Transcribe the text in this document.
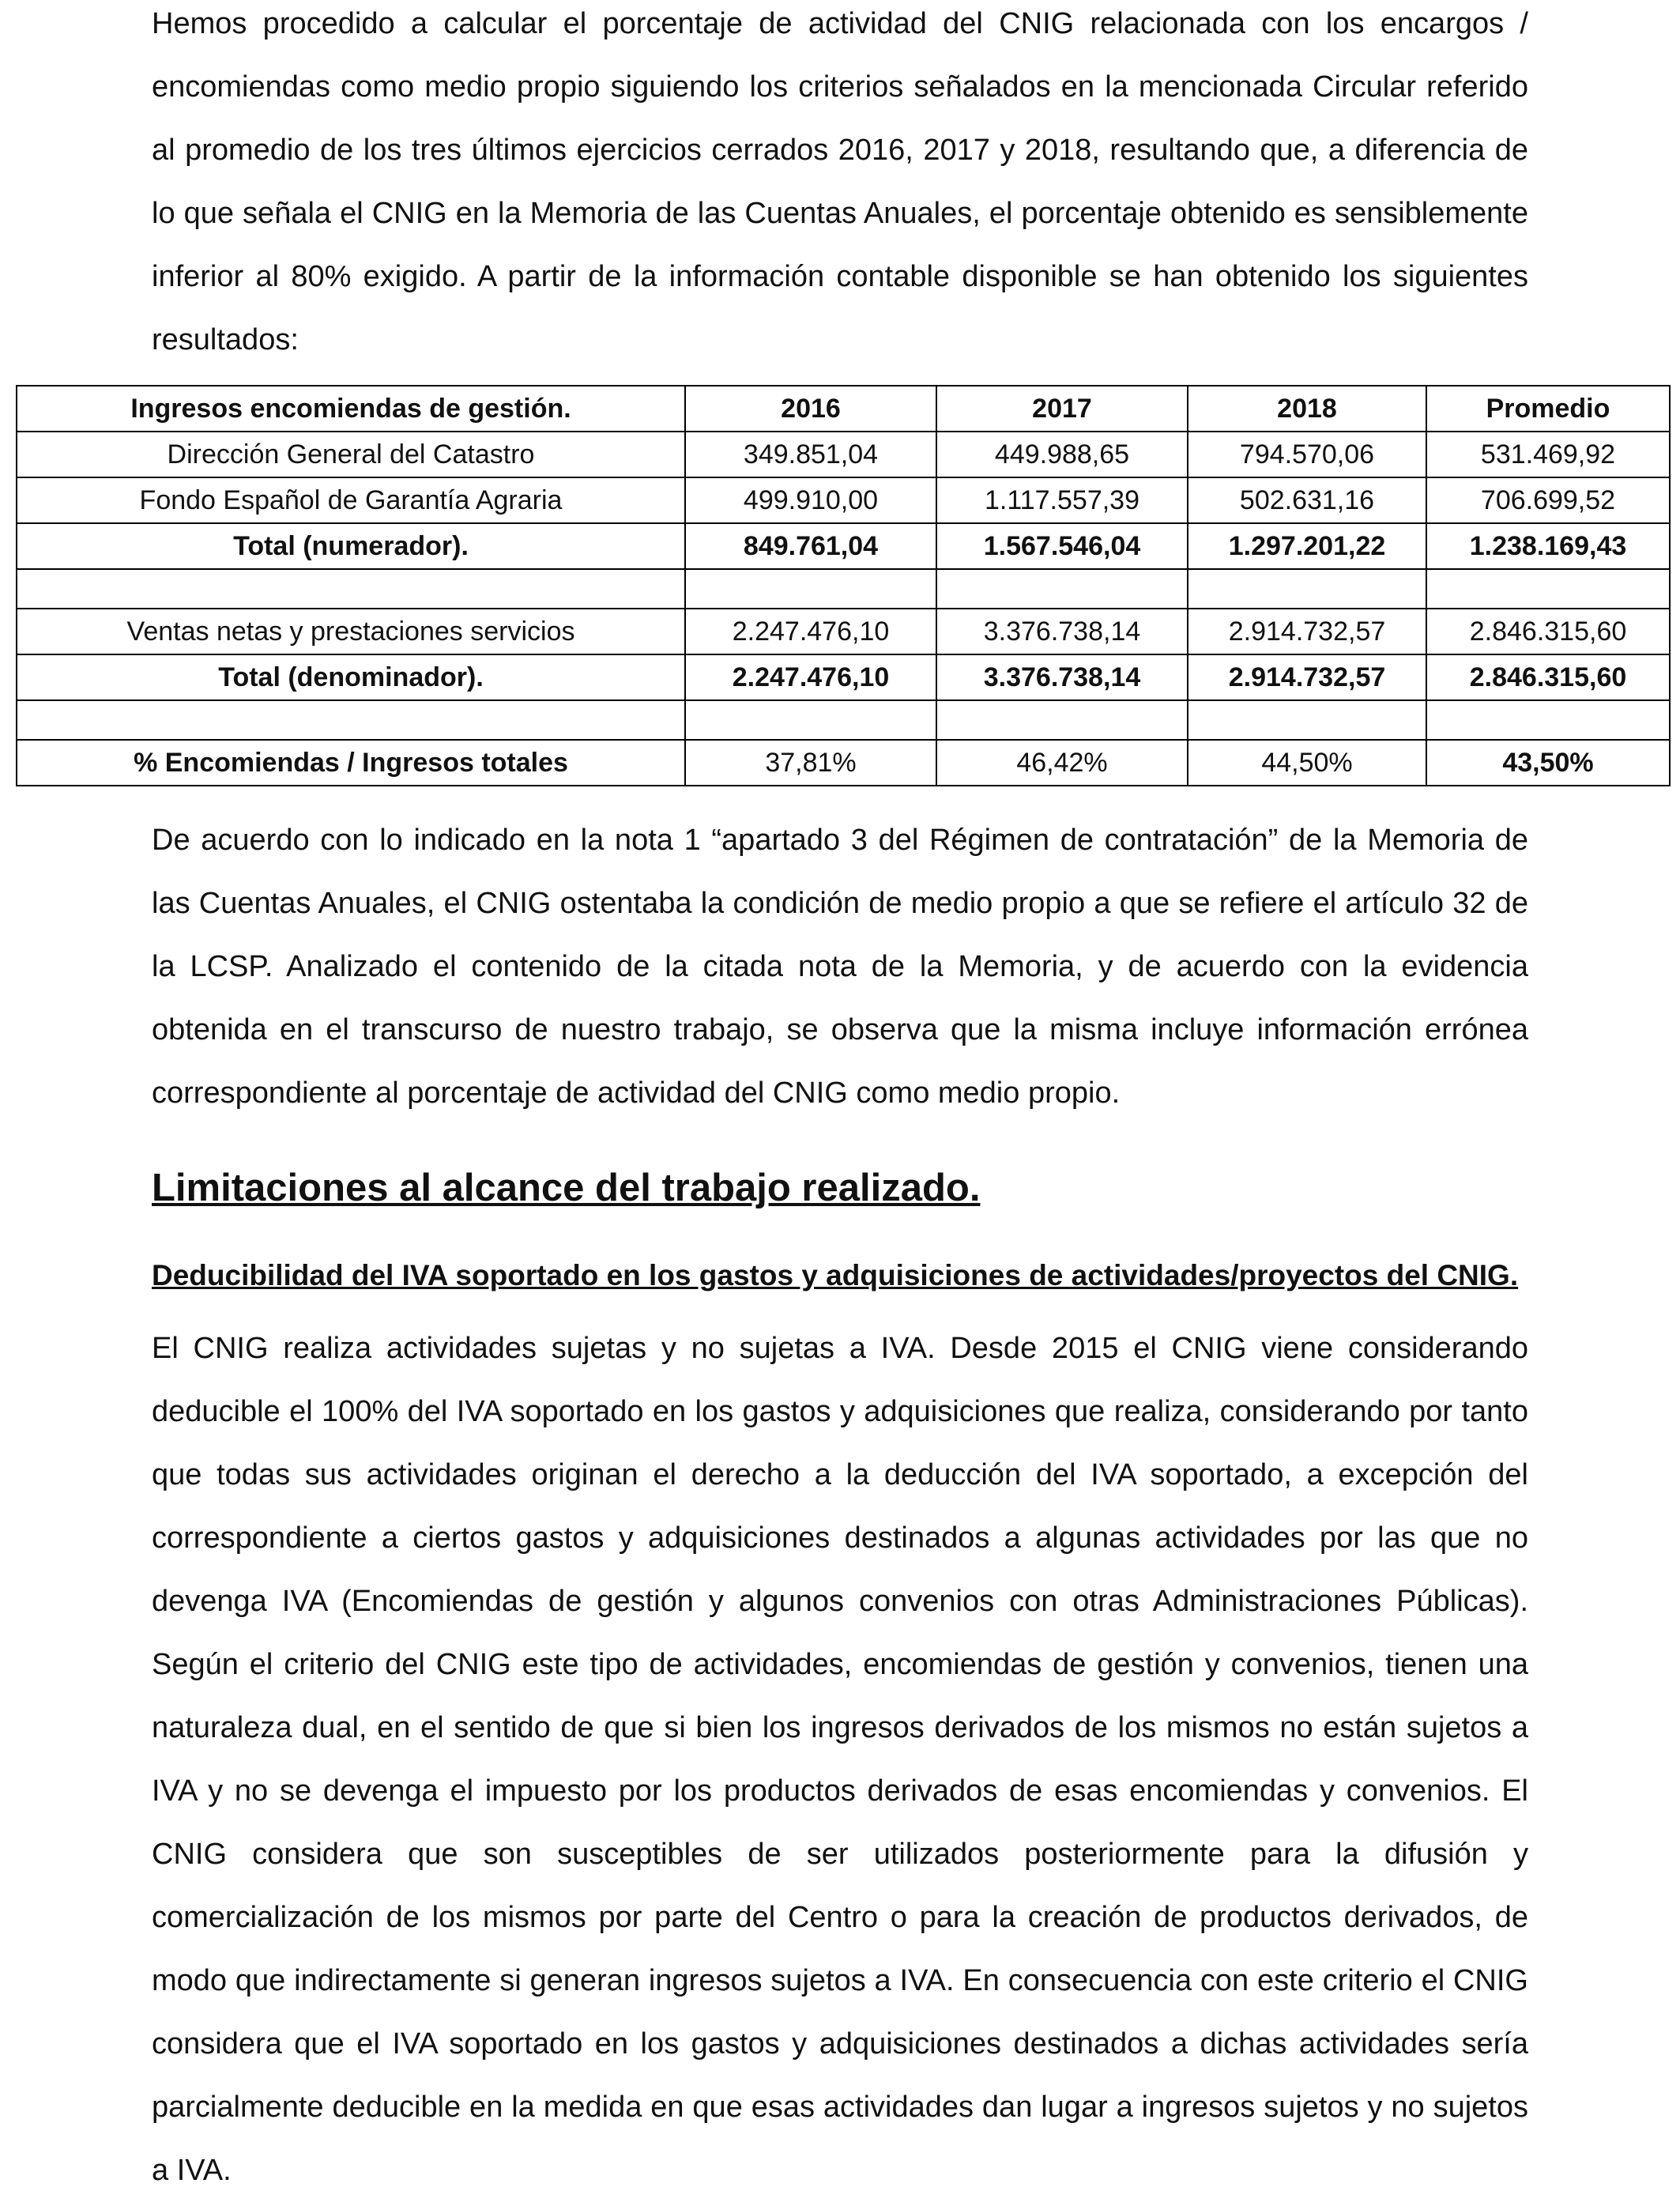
Hemos procedido a calcular el porcentaje de actividad del CNIG relacionada con los encargos / encomiendas como medio propio siguiendo los criterios señalados en la mencionada Circular referido al promedio de los tres últimos ejercicios cerrados 2016, 2017 y 2018, resultando que, a diferencia de lo que señala el CNIG en la Memoria de las Cuentas Anuales, el porcentaje obtenido es sensiblemente inferior al 80% exigido. A partir de la información contable disponible se han obtenido los siguientes resultados:

Ingresos encomiendas de gestión.	2016	2017	2018	Promedio
Dirección General del Catastro	349.851,04	449.988,65	794.570,06	531.469,92
Fondo Español de Garantía Agraria	499.910,00	1.117.557,39	502.631,16	706.699,52
Total (numerador).	849.761,04	1.567.546,04	1.297.201,22	1.238.169,43

Ventas netas y prestaciones servicios	2.247.476,10	3.376.738,14	2.914.732,57	2.846.315,60
Total (denominador).	2.247.476,10	3.376.738,14	2.914.732,57	2.846.315,60

% Encomiendas / Ingresos totales	37,81%	46,42%	44,50%	43,50%

De acuerdo con lo indicado en la nota 1 “apartado 3 del Régimen de contratación” de la Memoria de las Cuentas Anuales, el CNIG ostentaba la condición de medio propio a que se refiere el artículo 32 de la LCSP. Analizado el contenido de la citada nota de la Memoria, y de acuerdo con la evidencia obtenida en el transcurso de nuestro trabajo, se observa que la misma incluye información errónea correspondiente al porcentaje de actividad del CNIG como medio propio.

Limitaciones al alcance del trabajo realizado.
Deducibilidad del IVA soportado en los gastos y adquisiciones de actividades/proyectos del CNIG.

El CNIG realiza actividades sujetas y no sujetas a IVA. Desde 2015 el CNIG viene considerando deducible el 100% del IVA soportado en los gastos y adquisiciones que realiza, considerando por tanto que todas sus actividades originan el derecho a la deducción del IVA soportado, a excepción del correspondiente a ciertos gastos y adquisiciones destinados a algunas actividades por las que no devenga IVA (Encomiendas de gestión y algunos convenios con otras Administraciones Públicas). Según el criterio del CNIG este tipo de actividades, encomiendas de gestión y convenios, tienen una naturaleza dual, en el sentido de que si bien los ingresos derivados de los mismos no están sujetos a IVA y no se devenga el impuesto por los productos derivados de esas encomiendas y convenios. El CNIG considera que son susceptibles de ser utilizados posteriormente para la difusión y comercialización de los mismos por parte del Centro o para la creación de productos derivados, de modo que indirectamente si generan ingresos sujetos a IVA. En consecuencia con este criterio el CNIG considera que el IVA soportado en los gastos y adquisiciones destinados a dichas actividades sería parcialmente deducible en la medida en que esas actividades dan lugar a ingresos sujetos y no sujetos a IVA.
